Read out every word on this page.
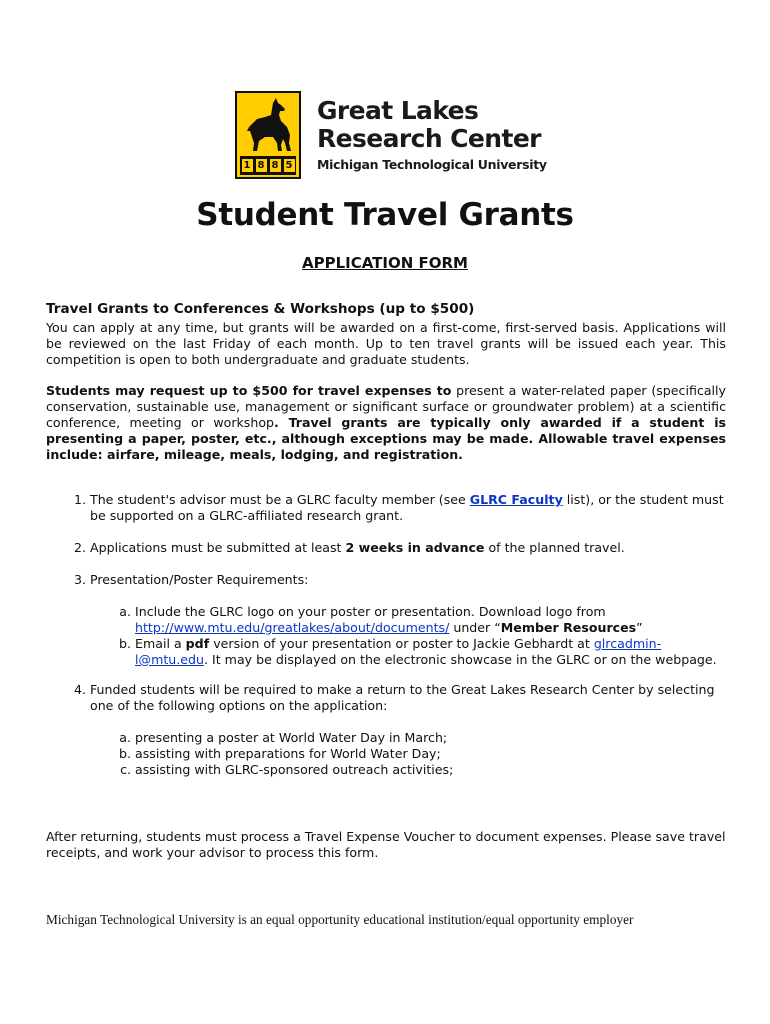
1 8 8 5
Great Lakes
Research Center
Michigan Technological University
Student Travel Grants
APPLICATION FORM
Travel Grants to Conferences & Workshops (up to $500)
You can apply at any time, but grants will be awarded on a first-come, first-served basis. Applications will be reviewed on the last Friday of each month. Up to ten travel grants will be issued each year. This competition is open to both undergraduate and graduate students.
Students may request up to $500 for travel expenses to present a water-related paper (specifically conservation, sustainable use, management or significant surface or groundwater problem) at a scientific conference, meeting or workshop. Travel grants are typically only awarded if a student is presenting a paper, poster, etc., although exceptions may be made. Allowable travel expenses include: airfare, mileage, meals, lodging, and registration.
1. The student's advisor must be a GLRC faculty member (see GLRC Faculty list), or the student must be supported on a GLRC-affiliated research grant.
2. Applications must be submitted at least 2 weeks in advance of the planned travel.
3. Presentation/Poster Requirements:
a. Include the GLRC logo on your poster or presentation. Download logo from http://www.mtu.edu/greatlakes/about/documents/ under “Member Resources”
b. Email a pdf version of your presentation or poster to Jackie Gebhardt at glrcadmin-l@mtu.edu. It may be displayed on the electronic showcase in the GLRC or on the webpage.
4. Funded students will be required to make a return to the Great Lakes Research Center by selecting one of the following options on the application:
a. presenting a poster at World Water Day in March;
b. assisting with preparations for World Water Day;
c. assisting with GLRC-sponsored outreach activities;
After returning, students must process a Travel Expense Voucher to document expenses. Please save travel receipts, and work your advisor to process this form.
Michigan Technological University is an equal opportunity educational institution/equal opportunity employer
